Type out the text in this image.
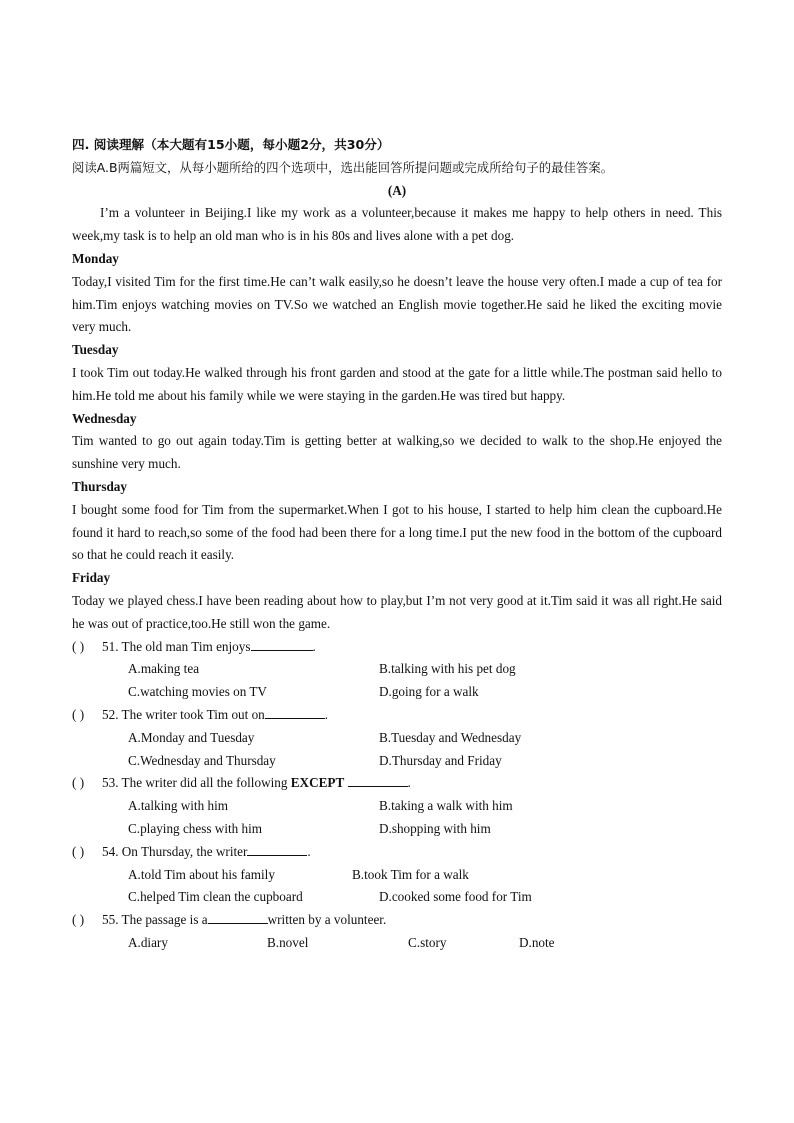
四. 阅读理解（本大题有15小题，每小题2分，共30分）
阅读A.B两篇短文，从每小题所给的四个选项中，选出能回答所提问题或完成所给句子的最佳答案。
(A)

I’m a volunteer in Beijing.I like my work as a volunteer,because it makes me happy to help others in need. This week,my task is to help an old man who is in his 80s and lives alone with a pet dog.

Monday

Today,I visited Tim for the first time.He can’t walk easily,so he doesn’t leave the house very often.I made a cup of tea for him.Tim enjoys watching movies on TV.So we watched an English movie together.He said he liked the exciting movie very much.

Tuesday

I took Tim out today.He walked through his front garden and stood at the gate for a little while.The postman said hello to him.He told me about his family while we were staying in the garden.He was tired but happy.

Wednesday

Tim wanted to go out again today.Tim is getting better at walking,so we decided to walk to the shop.He enjoyed the sunshine very much.

Thursday

I bought some food for Tim from the supermarket.When I got to his house, I started to help him clean the cupboard.He found it hard to reach,so some of the food had been there for a long time.I put the new food in the bottom of the cupboard so that he could reach it easily.

Friday

Today we played chess.I have been reading about how to play,but I’m not very good at it.Tim said it was all right.He said he was out of practice,too.He still won the game.

( ) 51. The old man Tim enjoys	.
A.making tea	B.talking with his pet dog
C.watching movies on TV	D.going for a walk
( ) 52. The writer took Tim out on	.
A.Monday and Tuesday	B.Tuesday and Wednesday
C.Wednesday and Thursday	D.Thursday and Friday
( ) 53. The writer did all the following EXCEPT	.
A.talking with him	B.taking a walk with him
C.playing chess with him	D.shopping with him
( ) 54. On Thursday, the writer	.
A.told Tim about his family	B.took Tim for a walk
C.helped Tim clean the cupboard	D.cooked some food for Tim
( ) 55. The passage is a	written by a volunteer.
A.diary	B.novel	C.story	D.note
